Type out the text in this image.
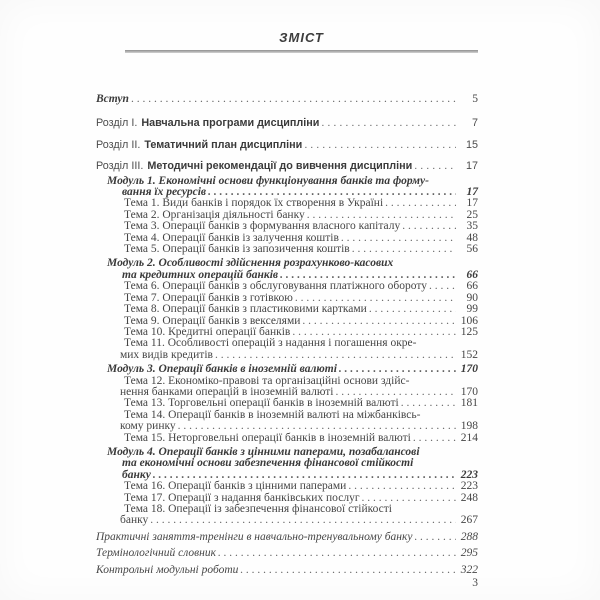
ЗМІСТ
Вступ . . .	5
Розділ І. Навчальна програми дисципліни . . .	7
Розділ ІІ. Тематичний план дисципліни . . .	15
Розділ ІІІ. Методичні рекомендації до вивчення дисципліни . . .	17
Модуль 1. Економічні основи функціонування банків та форму-
вання їх ресурсів . . .	17
Тема 1. Види банків і порядок їх створення в Україні . . .	17
Тема 2. Організація діяльності банку . . .	25
Тема 3. Операції банків з формування власного капіталу . . .	35
Тема 4. Операції банків із залучення коштів . . .	48
Тема 5. Операції банків із запозичення коштів . . .	56
Модуль 2. Особливості здійснення розрахунково-касових
та кредитних операцій банків . . .	66
Тема 6. Операції банків з обслуговування платіжного обороту . . .	66
Тема 7. Операції банків з готівкою . . .	90
Тема 8. Операції банків з пластиковими картками . . .	99
Тема 9. Операції банків з векселями . . .	106
Тема 10. Кредитні операції банків . . .	125
Тема 11. Особливості операцій з надання і погашення окре-
мих видів кредитів . . .	152
Модуль 3. Операції банків в іноземній валюті . . .	170
Тема 12. Економіко-правові та організаційні основи здійс-
нення банками операцій в іноземній валюті . . .	170
Тема 13. Торговельні операції банків в іноземній валюті . . .	181
Тема 14. Операції банків в іноземній валюті на міжбанківсь-
кому ринку . . .	198
Тема 15. Неторговельні операції банків в іноземній валюті . . .	214
Модуль 4. Операції банків з цінними паперами, позабалансові
та економічні основи забезпечення фінансової стійкості
банку . . .	223
Тема 16. Операції банків з цінними паперами . . .	223
Тема 17. Операції з надання банківських послуг . . .	248
Тема 18. Операції із забезпечення фінансової стійкості
банку . . .	267
Практичні заняття-тренінги в навчально-тренувальному банку . . .	288
Термінологічний словник . . .	295
Контрольні модульні роботи . . .	322
3
